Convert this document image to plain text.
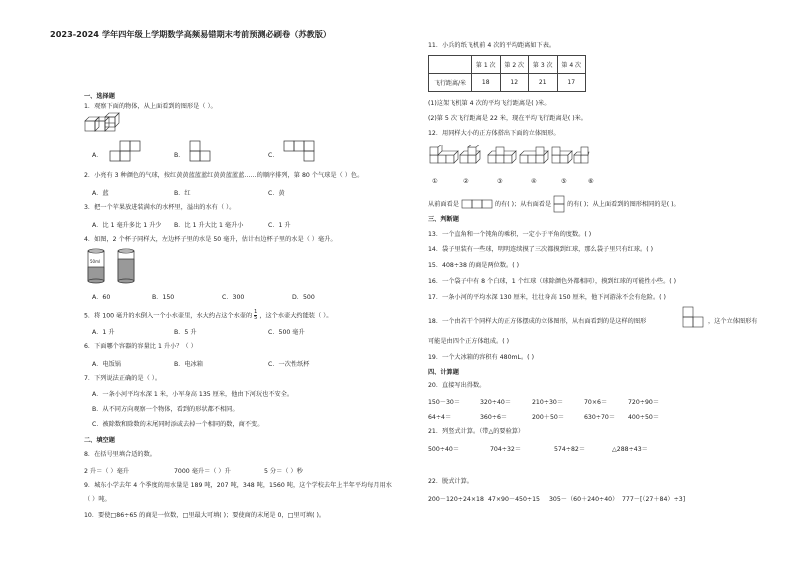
2023-2024 学年四年级上学期数学高频易错期末考前预测必刷卷（苏教版）
一、选择题
1．观察下面的物体，从上面看到的图形是（ ）。
A．	B．	C．
2．小亮有 3 种颜色的气球，按红黄黄蓝蓝蓝红黄黄蓝蓝蓝……的顺序排列，第 80 个气球是（ ）色。
A．蓝	B．红	C．黄
3．把一个苹果放进装满水的水杯里，溢出的水有（ ）。
A．比 1 毫升多比 1 升少 B．比 1 升大比 1 毫升小	C．1 升
4．如图，2 个杯子同样大，左边杯子里的水是 50 毫升，估计右边杯子里的水是（ ）毫升。
50ml
A．60	B．150	C．300	D．500
5．将 100 毫升的水倒入一个小水壶里，水大约占这个水壶的 $\frac{1}{5}$ ，这个水壶大约能装（ ）。
A．1 升	B．5 升	C．500 毫升
6．下面哪个容器的容量比 1 升小？（ ）
A．电饭锅	B．电冰箱	C．一次性纸杯
7．下列说法正确的是（ ）。
A．一条小河平均水深 1 米，小军身高 135 厘米，他由下河玩也不安全。
B．从不同方向观察一个物体，看到的形状都不相同。
C．被除数和除数的末尾同时添或去掉一个相同的数，商不变。
二、填空题
8．在括号里填合适的数。
2 升＝（ ）毫升	7000 毫升＝（ ）升	5 分＝（ ）秒
9．城东小学去年 4 个季度的用水量是 189 吨，207 吨，348 吨，1560 吨，这个学校去年上半年平均每月用水
（ ）吨。
10．要使□86÷65 的商是一位数，□里最大可填( )；要使商的末尾是 0，□里可填( )。
11．小兵的纸飞机前 4 次的平均距离如下表。
	第 1 次	第 2 次	第 3 次	第 4 次
飞行距离/米	18	12	21	17
(1)这架飞机第 4 次的平均飞行距离是( )米。
(2)第 5 次飞行距离是 22 米，现在平均飞行距离是( )米。
12．用同样大小的正方体搭出下面的立体图形。
①	②	③	④	⑤	⑥
从前面看是	的有( )；从右面看是	的有( )；从上面看到的图形相同的是( )。
三、判断题
13．一个直角和一个钝角的乘积，一定小于平角的度数。( )
14．袋子里装有一些球，明明连续摸了三次都摸到红球，那么袋子里只有红球。( )
15．408÷38 的商是两位数。( )
16．一个袋子中有 8 个白球，1 个红球（球除颜色外都相同），摸到红球的可能性小些。( )
17．一条小河的平均水深 130 厘米，壮壮身高 150 厘米，他下河游泳不会有危险。( )
18．一个由若干个同样大的正方体摆成的立体图形，从右面看到的是这样的图形	，这个立体图形有
可能是由四个正方体组成。( )
19．一个大冰箱的容积有 480mL。( )
四、计算题
20．直接写出得数。
150－30＝	320÷40＝	210÷30＝	70×6＝	720÷90＝
64÷4＝	360÷6＝	200＋50＝	630÷70＝ 400÷50＝
21．列竖式计算。（带△的要验算）
500÷40＝	704÷32＝	574÷82＝	△288÷43＝
22．脱式计算。
200－120÷24×18 47×90－450÷15 305－（60＋240÷40） 777－[（27＋84）÷3]
